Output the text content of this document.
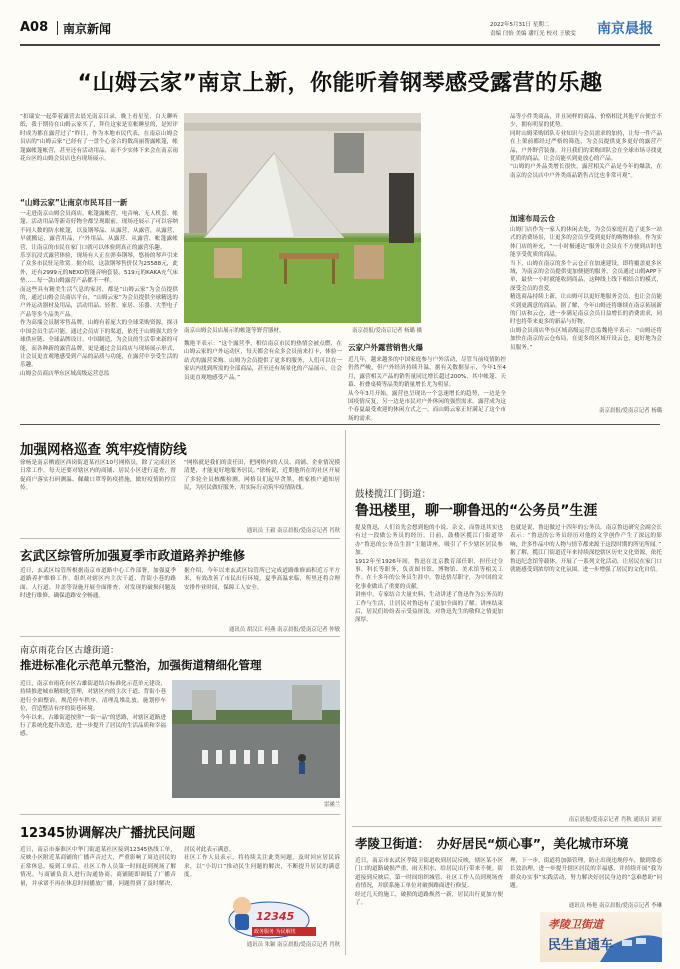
A08 南京新闻	2022年5月31日 星期二
责编 闫怡 美编 潘红光 校对 王敏雯 南京晨报
“山姆云家”南京上新，你能听着钢琴感受露营的乐趣
“扣瑞安一起带着露营去晨光南京目录，晚上看星星，白天聊听纸，我于期待在山姆云家买了，拜住这家是室帐睡星的，是短评时成为都在露营过了”昨日，作为本地市民代表，在南京山姆会员店的“山姆云家”已经有了一盘个心金合的数高丽帮露帐篷，帐篷露帐篷帐营，甚至还有活动用品，而不少实体下来会在南京雨花台区的山姆会员店也有现场展示。
“山姆云家”让南京市民耳目一新
一走进南京山姆会员商店，帐篷露帐营，电音响、无人机套、帐篷、活动用品等新奇好物全都呈现眼前，现场还展示了可以容纳不同人数的防水帐篷，以及钢琴品、从露营，从露营，从露营，早就搬运，露营用品，户外用品、从露营、从露营，帐篷露帐营，让南京的市民在家门口就可以体验到真正的露营乐趣。
乐享沉浸式露营体验，现场有人正在弹奏钢琴，悠扬的琴声引来了众多市民驻足欣赏。据介绍，这款钢琴售价仅为25588元，此外，还有2999元的NEXO智能音响套装，519元的KAKA充气床垫……每一款山姆露营产品都不一样。
而这些具有精美生活气息的家居，都是“山姆云家”为会员提供的，通过山姆会员商店平台，“山姆云家”为会员提供全球精选的户外运动器材及用品，活动用品、轻奢、家居、乐器、大型电子产品等多个品类产品。
作为高端会员制零售品牌，山姆有着庞大的全球采购资源，探寻中国会员生活可能，通过会员店下的渠道，依托于山姆强大的全球供应链、全球品牌设计、中国制造，为会员的生活带来新的可能，而各种新的露营品牌，更是通过会员商店与现场展示形式，让会员更直观地感受到产品的品质与功能，在露营中享受生活的乐趣。
山姆会员商店华东区域高级运营总监
南京山姆会员店展示的帐篷等野营器材。	南京晨报/爱南京记者 杨璐 摄
魏艳平表示：“这个露营季，相信南京市民的热情会被点燃，在山姆云家的户外运动区，每天都会有众多会员前来打卡，体验一站式的露营采购。山姆为会员提供了更多的服务，人们可以在一家店内找到所需的全部商品，甚至还有场景化的产品展示，让会员更直观地感受产品。”
云家户外露营销售火爆
近几年，越来越多的中国家庭参与户外活动，尽管当前疫情防控仍然严峻，但户外经济持续升温，据有关数据显示，今年1至4月，露营相关产品的销售量同比增长超过200%，其中帐篷、天幕、折叠桌椅等品类的销量增长尤为明显。
从今年3月开始，露营也呈现出一个急速增长的趋势，一边是全国疫情反复，另一边是市民对户外休闲的强烈需求，露营成为这个春夏最受欢迎的休闲方式之一，而山姆云家正好满足了这个市场的需求。
品等小件类商品，并且同样的商品，价格相比其他平台便宜不少，拥有明显的优势。
同时山姆采购团队专业知识与会员需求的加持，让每一件产品在上架前都经过严格的筛选，为会员提供更多更好的露营产品，户外野营装备，并且我们的采购团队会在全球市场寻找更优质的商品，让会员能买到更放心的产品。
“山姆的户外品类增长很快，露营相关产品是今年的爆款，在南京的会员店中户外类商品销售占比也非常可观”。
加速布局云仓
山姆门店作为一家人的休闲去处，为会员家庭打造了更多一站式的消费场景，让更多的会员享受到更好的购物体验。作为实体门店的补充，“一小时极速达”服务让会员在不方便到店时也能享受优质的商品。
当下，山姆在南京的多个云仓正在加速建设，即将覆盖更多区域，为南京的会员提供更加便捷的服务，会员通过山姆APP下单，最快一小时就能收到商品，这种线上线下相结合的模式，深受会员的喜爱。
精选商品持续上新，让山姆可以更好地服务会员，也让会员能买到更满意的商品。据了解，今年山姆还将继续在南京拓展新的门店和云仓，进一步满足南京会员日益增长的消费需求，同时也将带来更多的新品与好物。
山姆会员商店华东区域高级运营总监魏艳平表示：“山姆还将加快在南京的云仓布局，在更多的区域开设云仓，更好地为会员服务。”
南京晨报/爱南京记者 杨璐
加强网格巡查 筑牢疫情防线
徐杨是南京栖霞区西岗街道某社区10号网格员，除了完成社区日常工作，每天还要对辖区内的商铺、居民小区进行巡查，督促商户落实扫码测温、佩戴口罩等防疫措施，做好疫情防控宣传。
“网格就是我们的责任田，把网格内的人员、商铺、企业情况摸清楚，才能更好地服务居民。”徐杨说，近期他所在的社区开展了多轮全员核酸检测，网格员们起早贪黑，挨家挨户通知居民，为居民做好服务，用实际行动筑牢疫情防线。
通讯员 王毅 南京晨报/爱南京记者 肖秋
玄武区综管所加强夏季市政道路养护维修
近日，玄武区综管所根据南京市道路中心工作部署，加强夏季道路养护维修工作，组织对辖区内主次干道、背街小巷的路面、人行道、井盖等设施开展全面排查，对发现的破损问题及时进行维修，确保道路安全畅通。
据介绍，今年以来玄武区综管所已完成道路维修面积近万平方米，有效改善了市民出行环境，夏季高温来临，所里还将合理安排作业时间，保障工人安全。
通讯员 胡汉江 何燕 南京晨报/爱南京记者 仲敏
南京雨花台区古雄街道：
推进标准化示范单元整治，加强街道精细化管理
近日，南京市雨花台区古雄街道结合标准化示范单元建设，持续推进城市精细化管理，对辖区内的主次干道、背街小巷进行全面整治，规范停车秩序，清理乱堆乱放，施划停车位，营造整洁有序的街巷环境。
今年以来，古雄街道按照“一街一品”的思路，对辖区道路进行了系统化提升改造，进一步提升了居民的生活品质和幸福感。
雷涵兰
12345协调解决广播扰民问题
近日，南京市秦淮区中华门街道某社区接到12345热线工单，反映小区附近某商铺的广播声音过大，严重影响了周边居民的正常休息。接到工单后，社区工作人员第一时间赶到现场了解情况，与商铺负责人进行沟通协商，商铺随即调低了广播音量，并承诺不再在休息时间播放广播，问题得到了及时解决，居民对此表示满意。
社区工作人员表示，将持续关注此类问题，及时回应居民诉求，以“小切口”推动民生问题的解决，不断提升居民的满意度。
12345
政务服务 为民解忧
通讯员 朱颖 南京晨报/爱南京记者 肖秋
鼓楼揽江门街道：
鲁迅楼里，聊一聊鲁迅的“公务员”生涯
提及鲁迅，人们首先会想到他的小说、杂文，而鲁迅其实也有过一段做公务员的经历。日前，鼓楼区揽江门街道举办“鲁迅的公务员生涯”主题讲座，吸引了不少辖区居民参加。
1912年至1926年间，鲁迅在北京教育部任职，担任过佥事、科长等职务，负责图书馆、博物馆、美术馆等相关工作。在十多年的公务员生涯中，鲁迅恪尽职守，为中国的文化事业做出了重要的贡献。
讲座中，专家结合大量史料，生动讲述了鲁迅作为公务员的工作与生活，让居民对鲁迅有了更加全面的了解。讲座结束后，居民们纷纷表示受益匪浅，对鲁迅先生的敬仰之情更加深厚。
也就是说，鲁迅做过十四年的公务员。南京鲁迅研究会副会长表示：“鲁迅的公务员经历对他的文学创作产生了深远的影响，许多作品中的人物与情节都来源于这段时期的所见所闻。”
据了解，揽江门街道近年来持续深挖辖区历史文化资源，依托鲁迅纪念馆等载体，开展了一系列文化活动，让居民在家门口就能感受到浓厚的文化氛围，进一步增强了居民的文化自信。
南京晨报/爱南京记者 肖秋 通讯员 刘亚
孝陵卫街道： 办好居民“烦心事”，美化城市环境
近日，南京市玄武区孝陵卫街道收到居民反映，辖区某小区门口的道路破损严重，雨天积水，给居民出行带来不便。街道接到反映后，第一时间组织城管、社区工作人员到现场查看情况，并联系施工单位对破损路面进行修复。
经过几天的施工，破损的道路焕然一新，居民出行更加方便了。
理，下一步，街道将加强管理，防止出现违规停车，做到常态长效治理，进一步提升辖区居民的幸福感，并持续开展“我为群众办实事”实践活动，努力解决好居民身边的“急难愁盼”问题。
通讯员 杨艳 南京晨报/爱南京记者 李琳
孝陵卫街道
民生直通车
